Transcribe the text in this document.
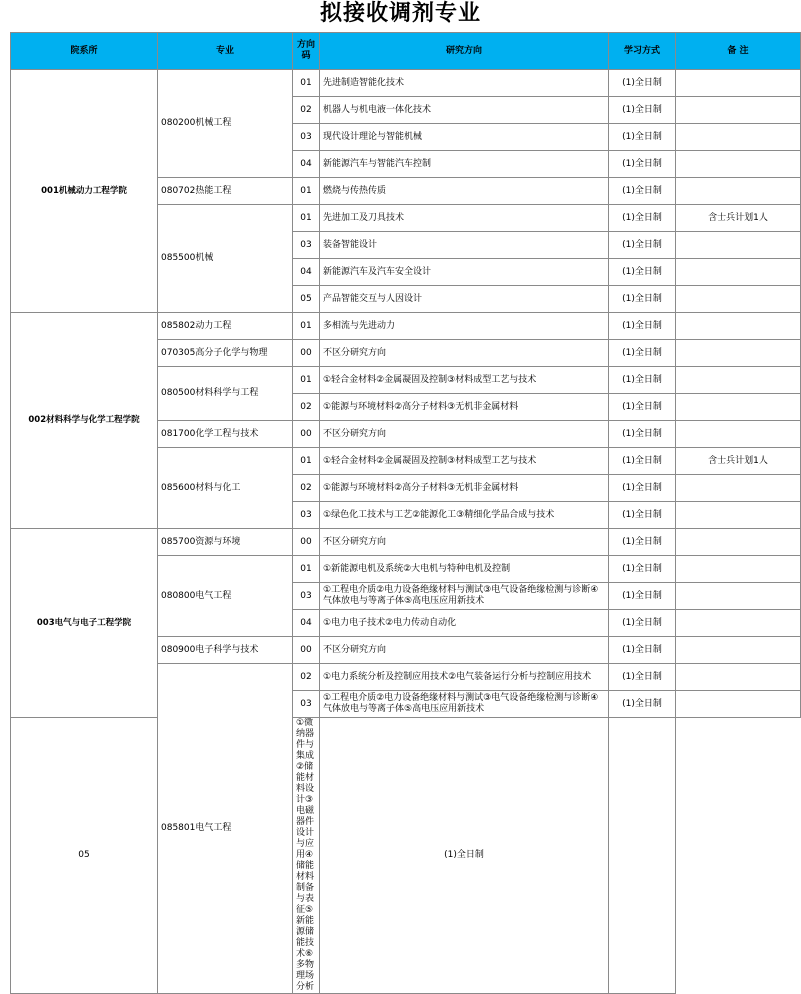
拟接收调剂专业
院系所	专业	方向码	研究方向	学习方式	备 注
001机械动力工程学院	080200机械工程	01	先进制造智能化技术	(1)全日制	
		02	机器人与机电液一体化技术	(1)全日制	
		03	现代设计理论与智能机械	(1)全日制	
		04	新能源汽车与智能汽车控制	(1)全日制	
	080702热能工程	01	燃烧与传热传质	(1)全日制	
	085500机械	01	先进加工及刀具技术	(1)全日制	含士兵计划1人
		03	装备智能设计	(1)全日制	
		04	新能源汽车及汽车安全设计	(1)全日制	
		05	产品智能交互与人因设计	(1)全日制	
002材料科学与化学工程学院	085802动力工程	01	多相流与先进动力	(1)全日制	
	070305高分子化学与物理	00	不区分研究方向	(1)全日制	
	080500材料科学与工程	01	①轻合金材料②金属凝固及控制③材料成型工艺与技术	(1)全日制	
		02	①能源与环境材料②高分子材料③无机非金属材料	(1)全日制	
	081700化学工程与技术	00	不区分研究方向	(1)全日制	
	085600材料与化工	01	①轻合金材料②金属凝固及控制③材料成型工艺与技术	(1)全日制	含士兵计划1人
		02	①能源与环境材料②高分子材料③无机非金属材料	(1)全日制	
		03	①绿色化工技术与工艺②能源化工③精细化学品合成与技术	(1)全日制	
003电气与电子工程学院	085700资源与环境	00	不区分研究方向	(1)全日制	
	080800电气工程	01	①新能源电机及系统②大电机与特种电机及控制	(1)全日制	
		03	①工程电介质②电力设备绝缘材料与测试③电气设备绝缘检测与诊断④气体放电与等离子体⑤高电压应用新技术	(1)全日制	
		04	①电力电子技术②电力传动自动化	(1)全日制	
	080900电子科学与技术	00	不区分研究方向	(1)全日制	
	085801电气工程	02	①电力系统分析及控制应用技术②电气装备运行分析与控制应用技术	(1)全日制	
		03	①工程电介质②电力设备绝缘材料与测试③电气设备绝缘检测与诊断④气体放电与等离子体⑤高电压应用新技术	(1)全日制	
05		①微纳器件与集成②储能材料设计③电磁器件设计与应用④储能材料制备与表征⑤新能源储能技术⑥多物理场分析	(1)全日制		
